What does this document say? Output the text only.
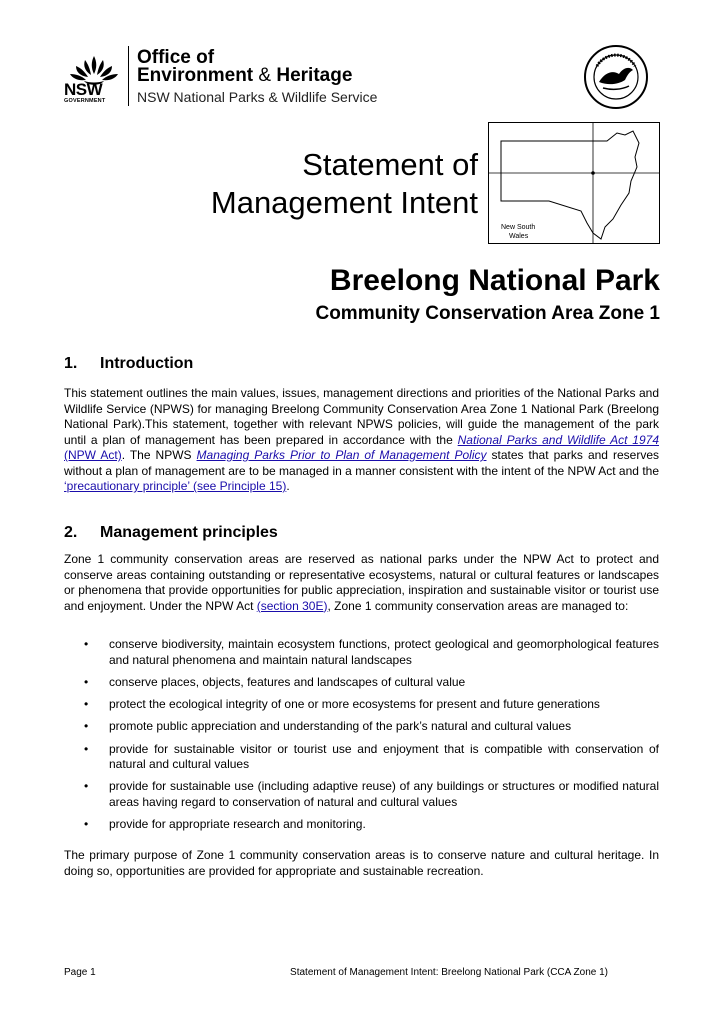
NSW
GOVERNMENT
Office of
Environment & Heritage
NSW National Parks & Wildlife Service
Statement of
Management Intent
New South
Wales
Breelong National Park
Community Conservation Area Zone 1
1. Introduction
This statement outlines the main values, issues, management directions and priorities of the National Parks and Wildlife Service (NPWS) for managing Breelong Community Conservation Area Zone 1 National Park (Breelong National Park).This statement, together with relevant NPWS policies, will guide the management of the park until a plan of management has been prepared in accordance with the National Parks and Wildlife Act 1974 (NPW Act). The NPWS Managing Parks Prior to Plan of Management Policy states that parks and reserves without a plan of management are to be managed in a manner consistent with the intent of the NPW Act and the ‘precautionary principle’ (see Principle 15).
2. Management principles
Zone 1 community conservation areas are reserved as national parks under the NPW Act to protect and conserve areas containing outstanding or representative ecosystems, natural or cultural features or landscapes or phenomena that provide opportunities for public appreciation, inspiration and sustainable visitor or tourist use and enjoyment. Under the NPW Act (section 30E), Zone 1 community conservation areas are managed to:
• conserve biodiversity, maintain ecosystem functions, protect geological and geomorphological features and natural phenomena and maintain natural landscapes
• conserve places, objects, features and landscapes of cultural value
• protect the ecological integrity of one or more ecosystems for present and future generations
• promote public appreciation and understanding of the park’s natural and cultural values
• provide for sustainable visitor or tourist use and enjoyment that is compatible with conservation of natural and cultural values
• provide for sustainable use (including adaptive reuse) of any buildings or structures or modified natural areas having regard to conservation of natural and cultural values
• provide for appropriate research and monitoring.
The primary purpose of Zone 1 community conservation areas is to conserve nature and cultural heritage. In doing so, opportunities are provided for appropriate and sustainable recreation.
Page 1	Statement of Management Intent: Breelong National Park (CCA Zone 1)
